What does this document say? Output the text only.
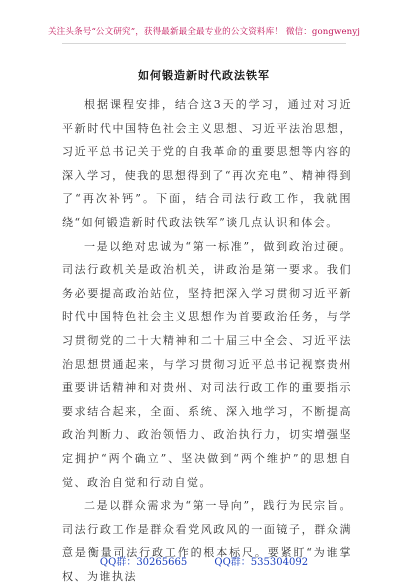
关注头条号“公文研究”，获得最新最全最专业的公文资料库！ 微信：gongwenyj
如何锻造新时代政法铁军

根据课程安排，结合这3天的学习，通过对习近平新时代中国特色社会主义思想、习近平法治思想，习近平总书记关于党的自我革命的重要思想等内容的深入学习，使我的思想得到了“再次充电”、精神得到了“再次补钙”。下面，结合司法行政工作，我就围绕“如何锻造新时代政法铁军”谈几点认识和体会。

一是以绝对忠诚为“第一标准”，做到政治过硬。司法行政机关是政治机关，讲政治是第一要求。我们务必要提高政治站位，坚持把深入学习贯彻习近平新时代中国特色社会主义思想作为首要政治任务，与学习贯彻党的二十大精神和二十届三中全会、习近平法治思想贯通起来，与学习贯彻习近平总书记视察贵州重要讲话精神和对贵州、对司法行政工作的重要指示要求结合起来，全面、系统、深入地学习，不断提高政治判断力、政治领悟力、政治执行力，切实增强坚定拥护“两个确立”、坚决做到“两个维护”的思想自觉、政治自觉和行动自觉。

二是以群众需求为“第一导向”，践行为民宗旨。司法行政工作是群众看党风政风的一面镜子，群众满意是衡量司法行政工作的根本标尺。要紧盯“为谁掌权、为谁执法

QQ群：30265665	QQ群：535304092
